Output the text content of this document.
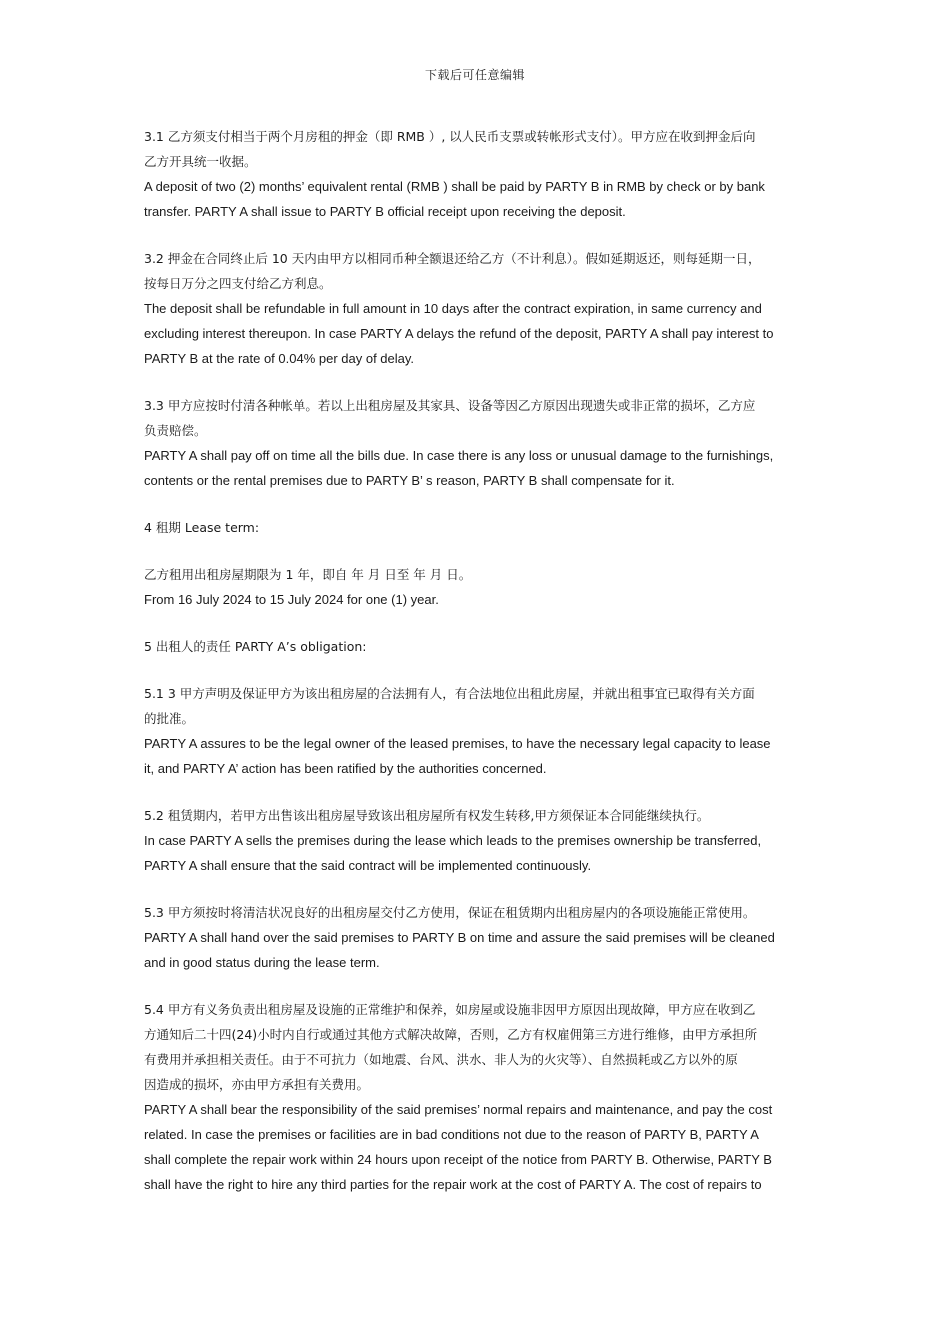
下载后可任意编辑
3.1 乙方须支付相当于两个月房租的押金（即 RMB ）, 以人民币支票或转帐形式支付）。甲方应在收到押金后向
乙方开具统一收据。
A deposit of two (2) months’ equivalent rental (RMB ) shall be paid by PARTY B in RMB by check or by bank
transfer. PARTY A shall issue to PARTY B official receipt upon receiving the deposit.
3.2 押金在合同终止后 10 天内由甲方以相同币种全额退还给乙方（不计利息）。假如延期返还，则每延期一日，
按每日万分之四支付给乙方利息。
The deposit shall be refundable in full amount in 10 days after the contract expiration, in same currency and
excluding interest thereupon. In case PARTY A delays the refund of the deposit, PARTY A shall pay interest to
PARTY B at the rate of 0.04% per day of delay.
3.3 甲方应按时付清各种帐单。若以上出租房屋及其家具、设备等因乙方原因出现遗失或非正常的损坏，乙方应
负责赔偿。
PARTY A shall pay off on time all the bills due. In case there is any loss or unusual damage to the furnishings,
contents or the rental premises due to PARTY B’ s reason, PARTY B shall compensate for it.
4 租期 Lease term:
乙方租用出租房屋期限为 1 年，即自 年 月 日至 年 月 日。
From 16 July 2024 to 15 July 2024 for one (1) year.
5 出租人的责任 PARTY A’s obligation:
5.1 3 甲方声明及保证甲方为该出租房屋的合法拥有人，有合法地位出租此房屋，并就出租事宜已取得有关方面
的批准。
PARTY A assures to be the legal owner of the leased premises, to have the necessary legal capacity to lease
it, and PARTY A’ action has been ratified by the authorities concerned.
5.2 租赁期内，若甲方出售该出租房屋导致该出租房屋所有权发生转移,甲方须保证本合同能继续执行。
In case PARTY A sells the premises during the lease which leads to the premises ownership be transferred,
PARTY A shall ensure that the said contract will be implemented continuously.
5.3 甲方须按时将清洁状况良好的出租房屋交付乙方使用，保证在租赁期内出租房屋内的各项设施能正常使用。
PARTY A shall hand over the said premises to PARTY B on time and assure the said premises will be cleaned
and in good status during the lease term.
5.4 甲方有义务负责出租房屋及设施的正常维护和保养，如房屋或设施非因甲方原因出现故障，甲方应在收到乙
方通知后二十四(24)小时内自行或通过其他方式解决故障，否则，乙方有权雇佣第三方进行维修，由甲方承担所
有费用并承担相关责任。由于不可抗力（如地震、台风、洪水、非人为的火灾等）、自然损耗或乙方以外的原
因造成的损坏，亦由甲方承担有关费用。
PARTY A shall bear the responsibility of the said premises’ normal repairs and maintenance, and pay the cost
related. In case the premises or facilities are in bad conditions not due to the reason of PARTY B, PARTY A
shall complete the repair work within 24 hours upon receipt of the notice from PARTY B. Otherwise, PARTY B
shall have the right to hire any third parties for the repair work at the cost of PARTY A. The cost of repairs to
